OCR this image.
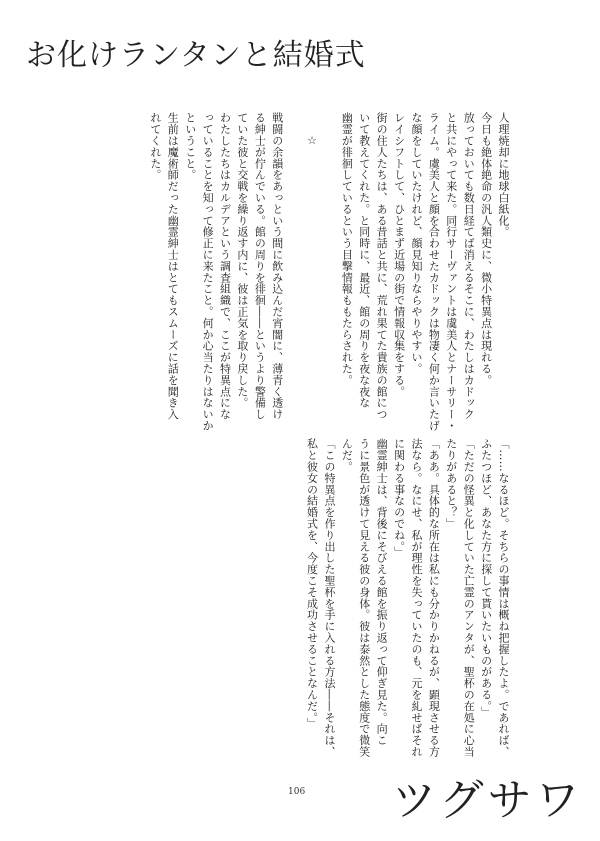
お化けランタンと結婚式

人理焼却に地球白紙化。

今日も絶体絶命の汎人類史に、微小特異点は現れる。

放っておいても数日経てば消えるそこに、わたしはカドック

と共にやって来た。同行サーヴァントは虞美人とナーサリー・

ライム。虞美人と顔を合わせたカドックは物凄く何か言いたげ

な顔をしていたけれど、顔見知りならやりやすい。

レイシフトして、ひとまず近場の街で情報収集をする。

街の住人たちは、ある昔話と共に、荒れ果てた貴族の館につ

いて教えてくれた。と同時に、最近、館の周りを夜な夜な

幽霊が徘徊しているという目撃情報ももたらされた。

☆

戦闘の余韻をあっという間に飲み込んだ宵闇に、薄青く透け

る紳士が佇んでいる。館の周りを徘徊――というより警備し

ていた彼と交戦を繰り返す内に、彼は正気を取り戻した。

わたしたちはカルデアという調査組織で、ここが特異点にな

っていることを知って修正に来たこと。何か心当たりはないか

ということ。

生前は魔術師だった幽霊紳士はとてもスムーズに話を聞き入

れてくれた。

「……なるほど。そちらの事情は概ね把握したよ。であれば、

ふたつほど、あなた方に探して貰いたいものがある。」

「ただの怪異と化していた亡霊のアンタが、聖杯の在処に心当

たりがあると？」

「ああ。具体的な所在は私にも分かりかねるが、顕現させる方

法なら。なにせ、私が理性を失っていたのも、元を糺せばそれ

に関わる事なのでね。」

幽霊紳士は、背後にそびえる館を振り返って仰ぎ見た。向こ

うに景色が透けて見える彼の身体。彼は泰然とした態度で微笑

んだ。

「この特異点を作り出した聖杯を手に入れる方法――それは、

私と彼女の結婚式を、今度こそ成功させることなんだ。」

106 ツグサワ
